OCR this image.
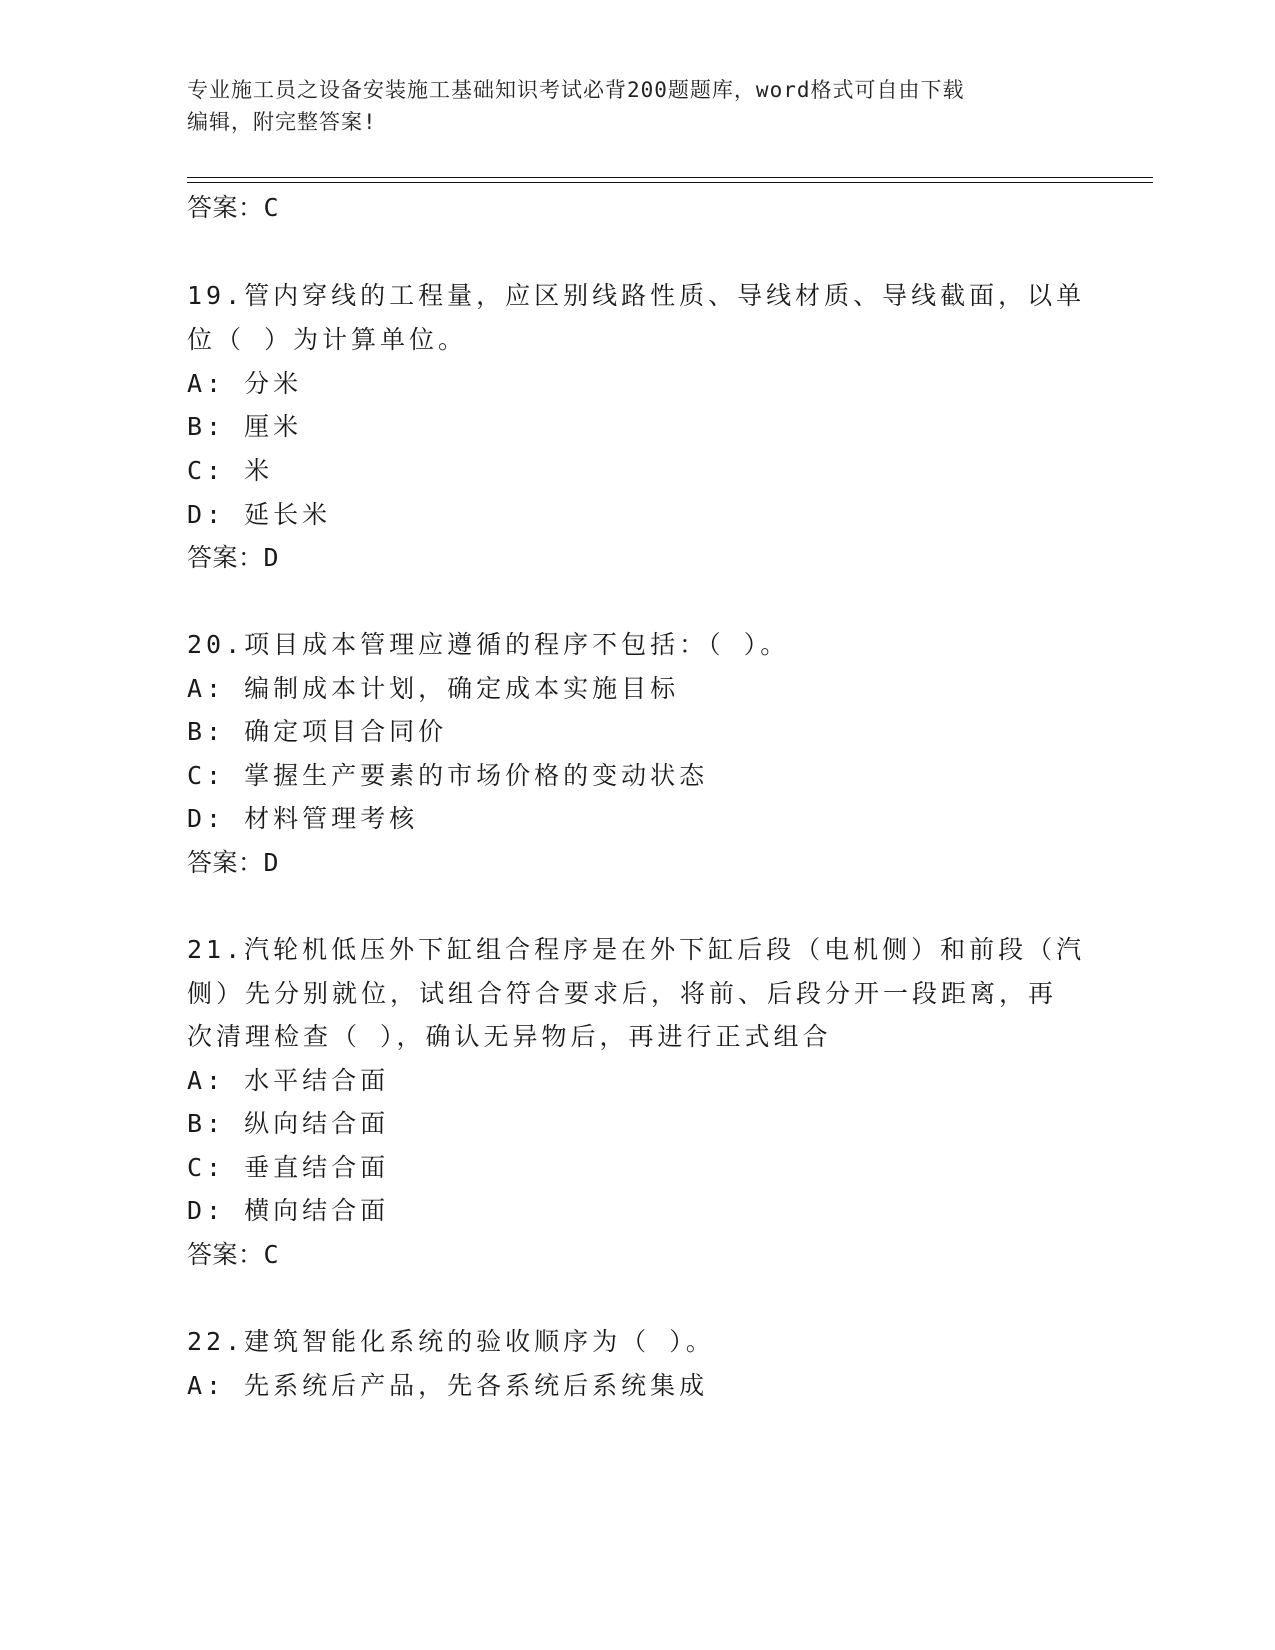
专业施工员之设备安装施工基础知识考试必背200题题库，word格式可自由下载
编辑，附完整答案!
答案：C
19.管内穿线的工程量，应区别线路性质、导线材质、导线截面，以单
位（ ）为计算单位。
A: 分米
B: 厘米
C: 米
D: 延长米
答案：D
20.项目成本管理应遵循的程序不包括：（ ）。
A: 编制成本计划，确定成本实施目标
B: 确定项目合同价
C: 掌握生产要素的市场价格的变动状态
D: 材料管理考核
答案：D
21.汽轮机低压外下缸组合程序是在外下缸后段（电机侧）和前段（汽
侧）先分别就位，试组合符合要求后，将前、后段分开一段距离，再
次清理检查（ ），确认无异物后，再进行正式组合
A: 水平结合面
B: 纵向结合面
C: 垂直结合面
D: 横向结合面
答案：C
22.建筑智能化系统的验收顺序为（ ）。
A: 先系统后产品，先各系统后系统集成
